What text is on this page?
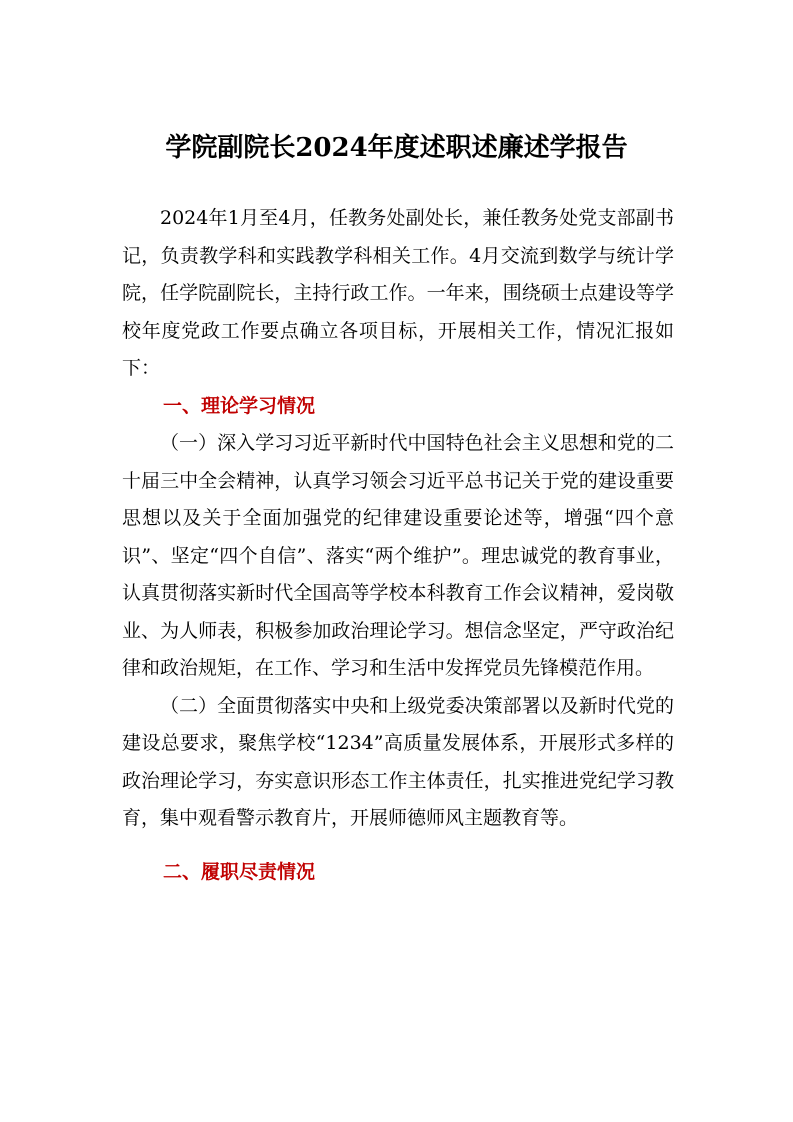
学院副院长2024年度述职述廉述学报告

2024年1月至4月，任教务处副处长，兼任教务处党支部副书记，负责教学科和实践教学科相关工作。4月交流到数学与统计学院，任学院副院长，主持行政工作。一年来，围绕硕士点建设等学校年度党政工作要点确立各项目标，开展相关工作，情况汇报如下：

一、理论学习情况

（一）深入学习习近平新时代中国特色社会主义思想和党的二十届三中全会精神，认真学习领会习近平总书记关于党的建设重要思想以及关于全面加强党的纪律建设重要论述等，增强“四个意识”、坚定“四个自信”、落实“两个维护”。理忠诚党的教育事业，认真贯彻落实新时代全国高等学校本科教育工作会议精神，爱岗敬业、为人师表，积极参加政治理论学习。想信念坚定，严守政治纪律和政治规矩，在工作、学习和生活中发挥党员先锋模范作用。

（二）全面贯彻落实中央和上级党委决策部署以及新时代党的建设总要求，聚焦学校“1234”高质量发展体系，开展形式多样的政治理论学习，夯实意识形态工作主体责任，扎实推进党纪学习教育，集中观看警示教育片，开展师德师风主题教育等。

二、履职尽责情况
